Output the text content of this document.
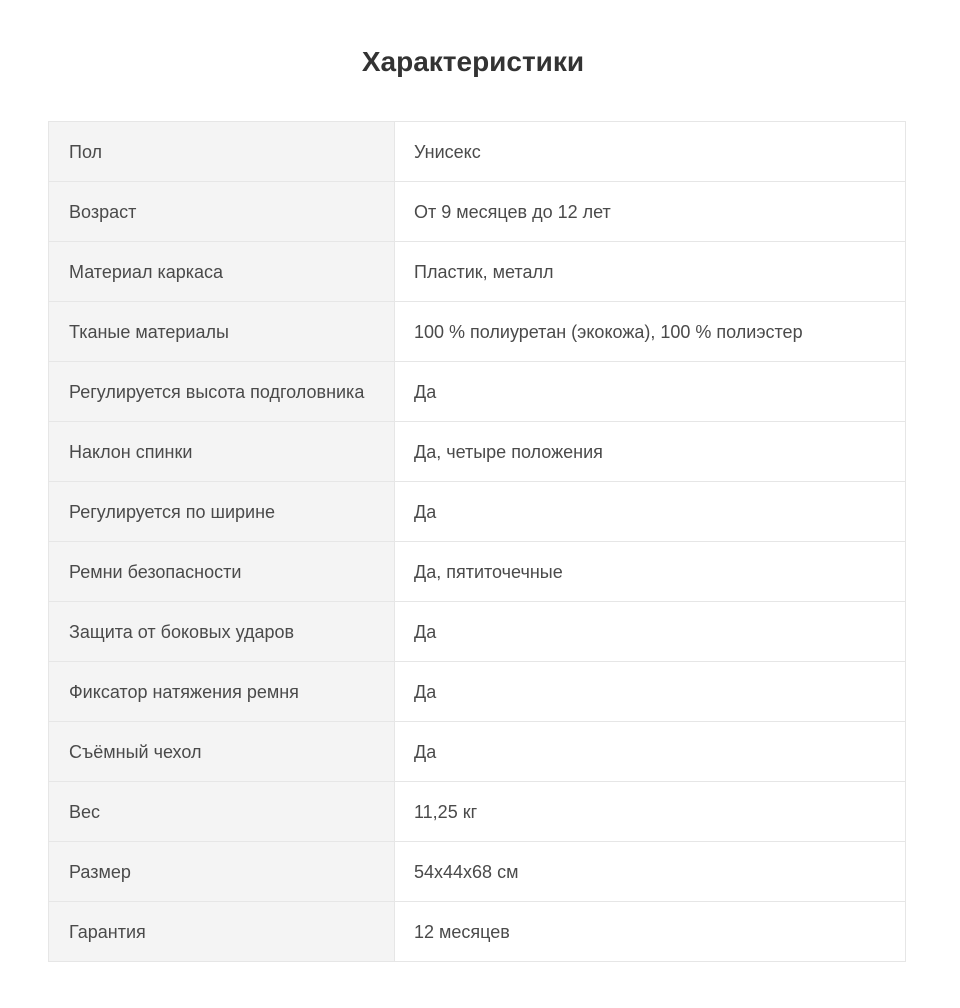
Характеристики
Пол	Унисекс
Возраст	От 9 месяцев до 12 лет
Материал каркаса	Пластик, металл
Тканые материалы	100 % полиуретан (экокожа), 100 % полиэстер
Регулируется высота подголовника	Да
Наклон спинки	Да, четыре положения
Регулируется по ширине	Да
Ремни безопасности	Да, пятиточечные
Защита от боковых ударов	Да
Фиксатор натяжения ремня	Да
Съёмный чехол	Да
Вес	11,25 кг
Размер	54x44x68 см
Гарантия	12 месяцев
